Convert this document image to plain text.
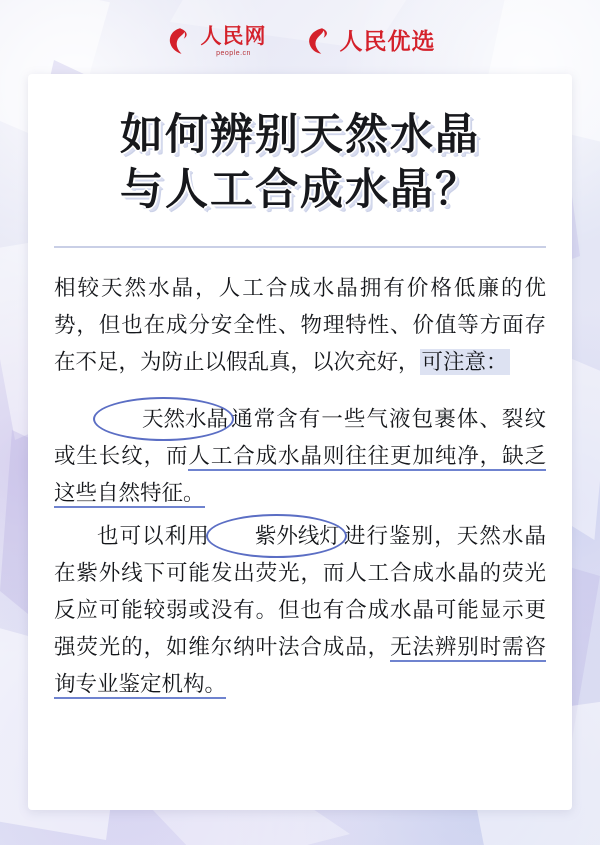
人民网
people.cn	人民优选
如何辨别天然水晶
与人工合成水晶？

相较天然水晶，人工合成水晶拥有价格低廉的优势，但也在成分安全性、物理特性、价值等方面存在不足，为防止以假乱真，以次充好，可注意：

天然水晶通常含有一些气液包裹体、裂纹或生长纹，而人工合成水晶则往往更加纯净，缺乏这些自然特征。

也可以利用 紫外线灯进行鉴别，天然水晶在紫外线下可能发出荧光，而人工合成水晶的荧光反应可能较弱或没有。但也有合成水晶可能显示更强荧光的，如维尔纳叶法合成品，无法辨别时需咨询专业鉴定机构。
